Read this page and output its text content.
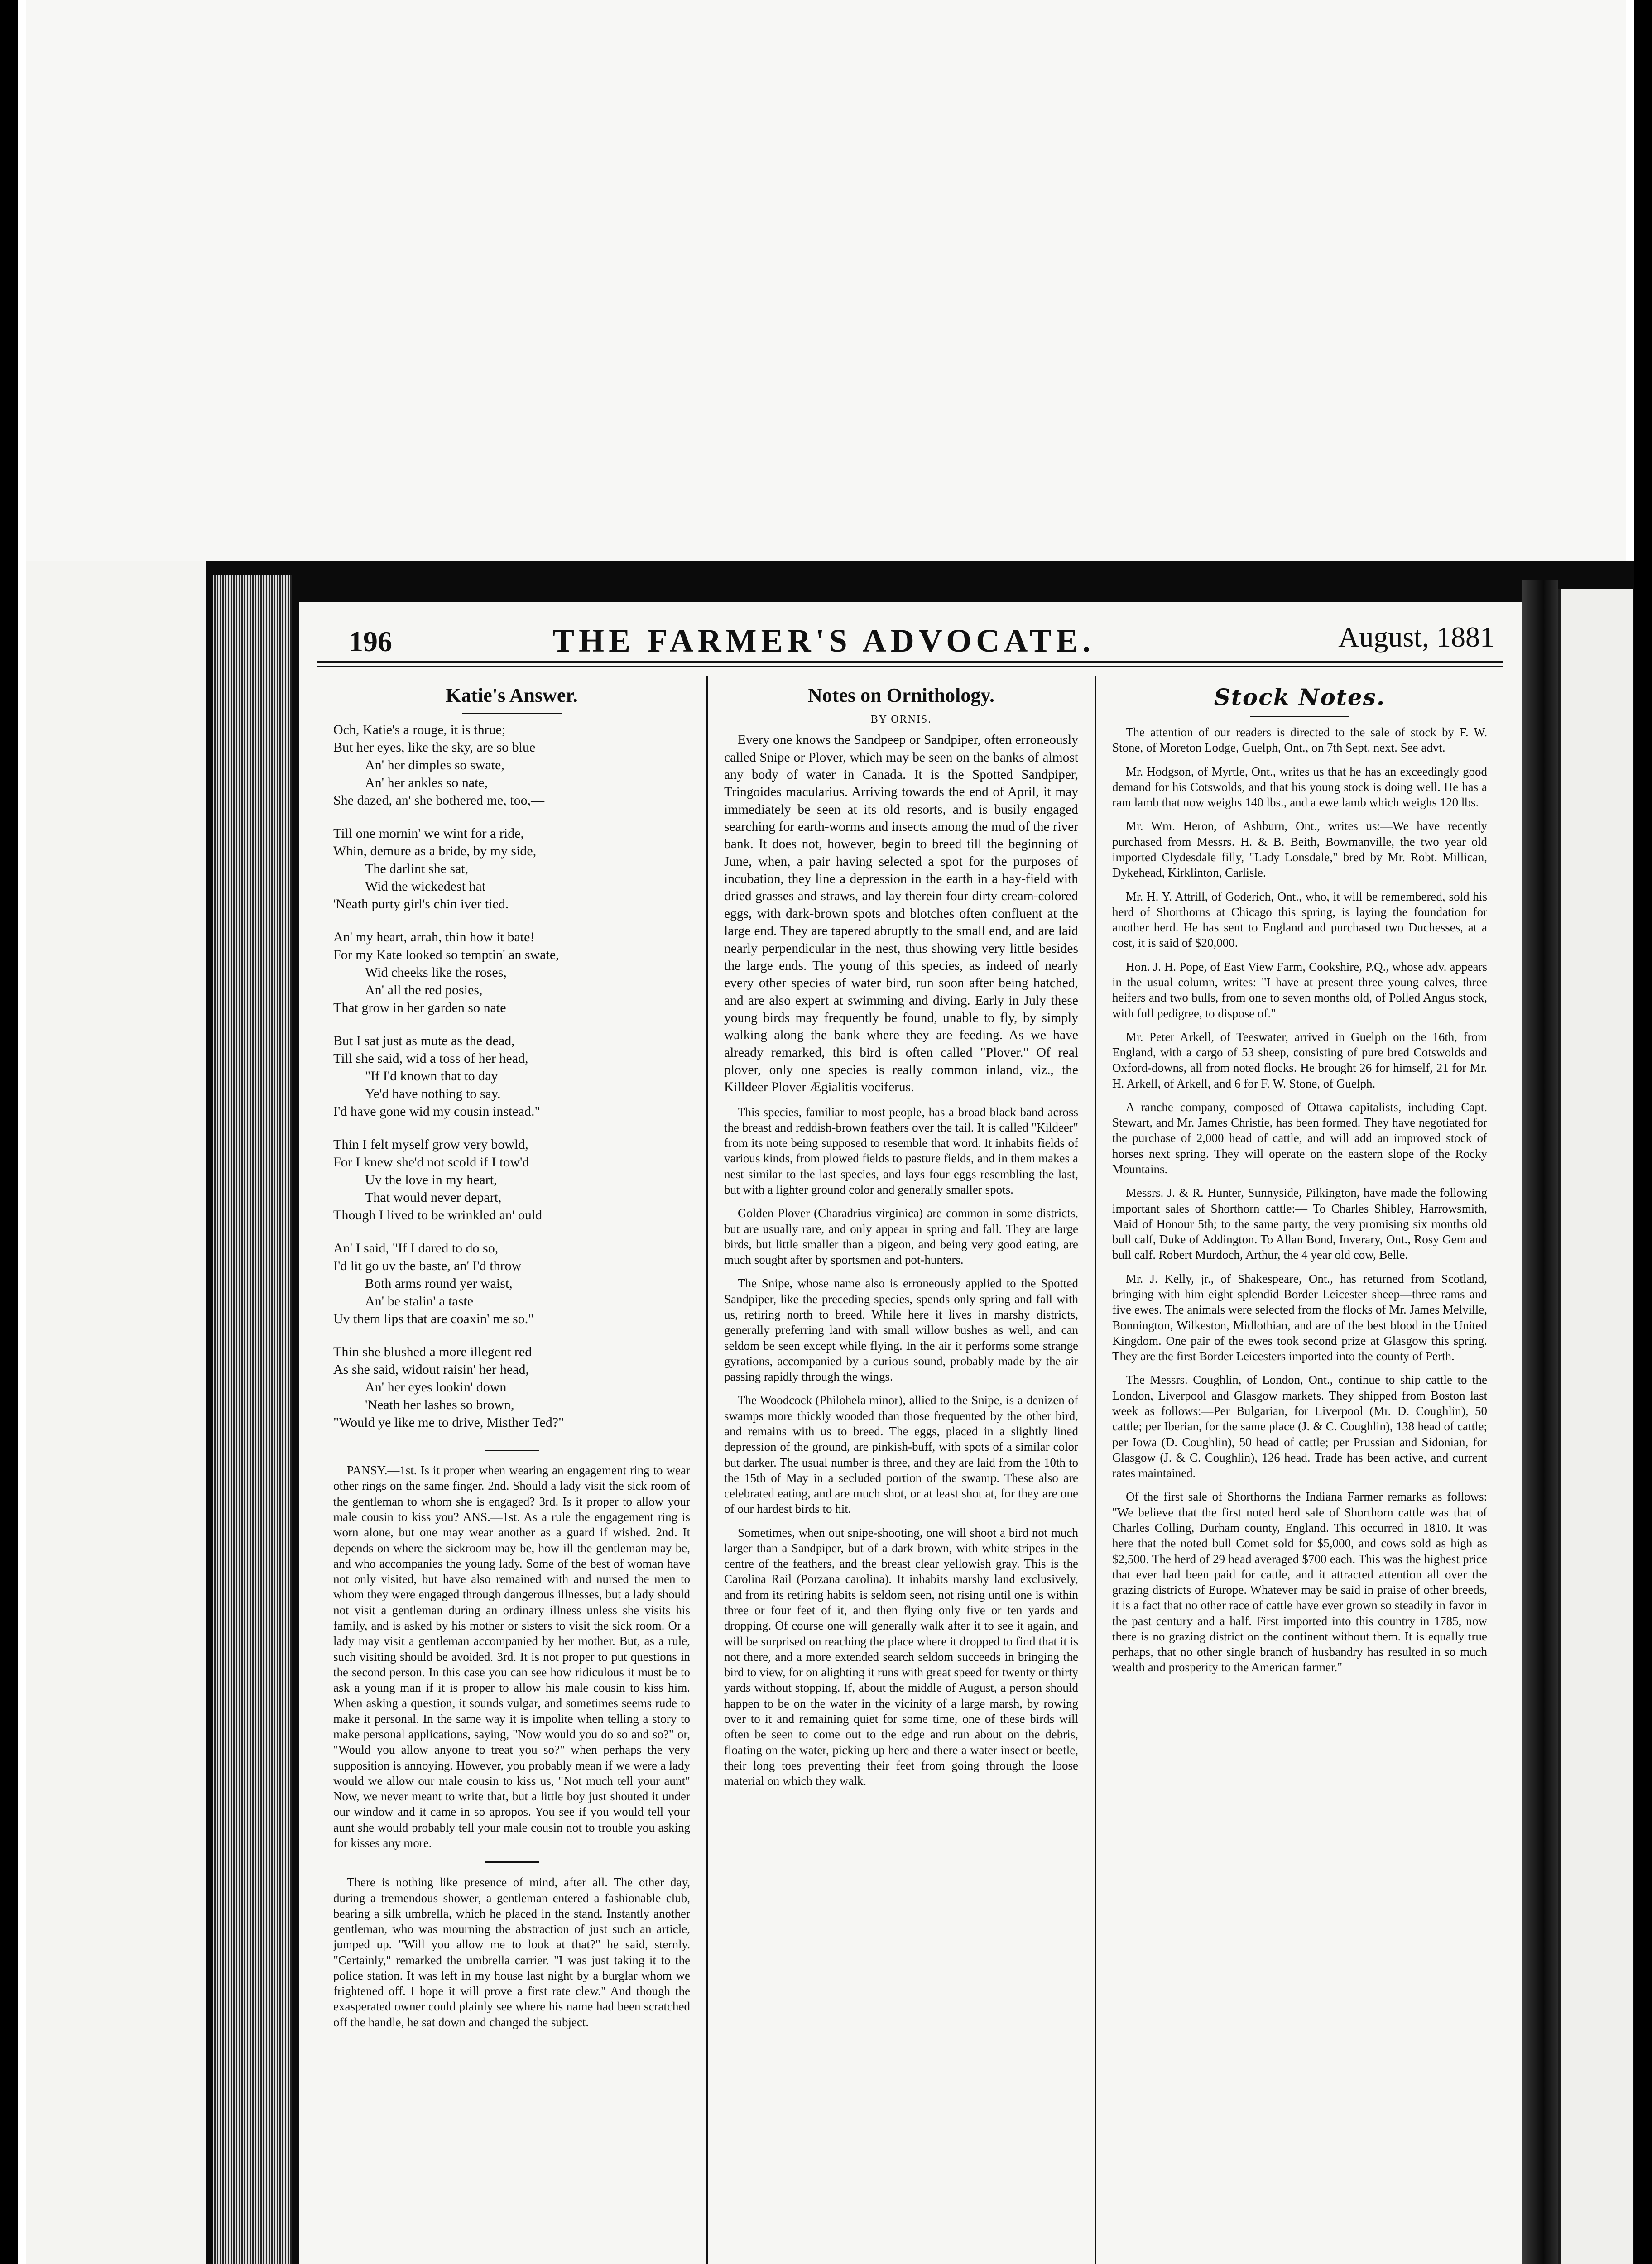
196	THE FARMER'S ADVOCATE.	August, 1881
Katie's Answer.
Och, Katie's a rouge, it is thrue;
But her eyes, like the sky, are so blue
An' her dimples so swate,
An' her ankles so nate,
She dazed, an' she bothered me, too,—
Till one mornin' we wint for a ride,
Whin, demure as a bride, by my side,
The darlint she sat,
Wid the wickedest hat
'Neath purty girl's chin iver tied.
An' my heart, arrah, thin how it bate!
For my Kate looked so temptin' an swate,
Wid cheeks like the roses,
An' all the red posies,
That grow in her garden so nate
But I sat just as mute as the dead,
Till she said, wid a toss of her head,
"If I'd known that to day
Ye'd have nothing to say.
I'd have gone wid my cousin instead."
Thin I felt myself grow very bowld,
For I knew she'd not scold if I tow'd
Uv the love in my heart,
That would never depart,
Though I lived to be wrinkled an' ould
An' I said, "If I dared to do so,
I'd lit go uv the baste, an' I'd throw
Both arms round yer waist,
An' be stalin' a taste
Uv them lips that are coaxin' me so."
Thin she blushed a more illegent red
As she said, widout raisin' her head,
An' her eyes lookin' down
'Neath her lashes so brown,
"Would ye like me to drive, Misther Ted?"

PANSY.—1st. Is it proper when wearing an engagement ring to wear other rings on the same finger. 2nd. Should a lady visit the sick room of the gentleman to whom she is engaged? 3rd. Is it proper to allow your male cousin to kiss you? ANS.—1st. As a rule the engagement ring is worn alone, but one may wear another as a guard if wished. 2nd. It depends on where the sickroom may be, how ill the gentleman may be, and who accompanies the young lady. Some of the best of woman have not only visited, but have also remained with and nursed the men to whom they were engaged through dangerous illnesses, but a lady should not visit a gentleman during an ordinary illness unless she visits his family, and is asked by his mother or sisters to visit the sick room. Or a lady may visit a gentleman accompanied by her mother. But, as a rule, such visiting should be avoided. 3rd. It is not proper to put questions in the second person. In this case you can see how ridiculous it must be to ask a young man if it is proper to allow his male cousin to kiss him. When asking a question, it sounds vulgar, and sometimes seems rude to make it personal. In the same way it is impolite when telling a story to make personal applications, saying, "Now would you do so and so?" or, "Would you allow anyone to treat you so?" when perhaps the very supposition is annoying. However, you probably mean if we were a lady would we allow our male cousin to kiss us, "Not much tell your aunt" Now, we never meant to write that, but a little boy just shouted it under our window and it came in so apropos. You see if you would tell your aunt she would probably tell your male cousin not to trouble you asking for kisses any more.

There is nothing like presence of mind, after all. The other day, during a tremendous shower, a gentleman entered a fashionable club, bearing a silk umbrella, which he placed in the stand. Instantly another gentleman, who was mourning the abstraction of just such an article, jumped up. "Will you allow me to look at that?" he said, sternly. "Certainly," remarked the umbrella carrier. "I was just taking it to the police station. It was left in my house last night by a burglar whom we frightened off. I hope it will prove a first rate clew." And though the exasperated owner could plainly see where his name had been scratched off the handle, he sat down and changed the subject.

Notes on Ornithology.
BY ORNIS.

Every one knows the Sandpeep or Sandpiper, often erroneously called Snipe or Plover, which may be seen on the banks of almost any body of water in Canada. It is the Spotted Sandpiper, Tringoides macularius. Arriving towards the end of April, it may immediately be seen at its old resorts, and is busily engaged searching for earth-worms and insects among the mud of the river bank. It does not, however, begin to breed till the beginning of June, when, a pair having selected a spot for the purposes of incubation, they line a depression in the earth in a hay-field with dried grasses and straws, and lay therein four dirty cream-colored eggs, with dark-brown spots and blotches often confluent at the large end. They are tapered abruptly to the small end, and are laid nearly perpendicular in the nest, thus showing very little besides the large ends. The young of this species, as indeed of nearly every other species of water bird, run soon after being hatched, and are also expert at swimming and diving. Early in July these young birds may frequently be found, unable to fly, by simply walking along the bank where they are feeding. As we have already remarked, this bird is often called "Plover." Of real plover, only one species is really common inland, viz., the Killdeer Plover Ægialitis vociferus.

This species, familiar to most people, has a broad black band across the breast and reddish-brown feathers over the tail. It is called "Kildeer" from its note being supposed to resemble that word. It inhabits fields of various kinds, from plowed fields to pasture fields, and in them makes a nest similar to the last species, and lays four eggs resembling the last, but with a lighter ground color and generally smaller spots.

Golden Plover (Charadrius virginica) are common in some districts, but are usually rare, and only appear in spring and fall. They are large birds, but little smaller than a pigeon, and being very good eating, are much sought after by sportsmen and pot-hunters.

The Snipe, whose name also is erroneously applied to the Spotted Sandpiper, like the preceding species, spends only spring and fall with us, retiring north to breed. While here it lives in marshy districts, generally preferring land with small willow bushes as well, and can seldom be seen except while flying. In the air it performs some strange gyrations, accompanied by a curious sound, probably made by the air passing rapidly through the wings.

The Woodcock (Philohela minor), allied to the Snipe, is a denizen of swamps more thickly wooded than those frequented by the other bird, and remains with us to breed. The eggs, placed in a slightly lined depression of the ground, are pinkish-buff, with spots of a similar color but darker. The usual number is three, and they are laid from the 10th to the 15th of May in a secluded portion of the swamp. These also are celebrated eating, and are much shot, or at least shot at, for they are one of our hardest birds to hit.

Sometimes, when out snipe-shooting, one will shoot a bird not much larger than a Sandpiper, but of a dark brown, with white stripes in the centre of the feathers, and the breast clear yellowish gray. This is the Carolina Rail (Porzana carolina). It inhabits marshy land exclusively, and from its retiring habits is seldom seen, not rising until one is within three or four feet of it, and then flying only five or ten yards and dropping. Of course one will generally walk after it to see it again, and will be surprised on reaching the place where it dropped to find that it is not there, and a more extended search seldom succeeds in bringing the bird to view, for on alighting it runs with great speed for twenty or thirty yards without stopping. If, about the middle of August, a person should happen to be on the water in the vicinity of a large marsh, by rowing over to it and remaining quiet for some time, one of these birds will often be seen to come out to the edge and run about on the debris, floating on the water, picking up here and there a water insect or beetle, their long toes preventing their feet from going through the loose material on which they walk.

Stock Notes.

The attention of our readers is directed to the sale of stock by F. W. Stone, of Moreton Lodge, Guelph, Ont., on 7th Sept. next. See advt.

Mr. Hodgson, of Myrtle, Ont., writes us that he has an exceedingly good demand for his Cotswolds, and that his young stock is doing well. He has a ram lamb that now weighs 140 lbs., and a ewe lamb which weighs 120 lbs.

Mr. Wm. Heron, of Ashburn, Ont., writes us:—We have recently purchased from Messrs. H. & B. Beith, Bowmanville, the two year old imported Clydesdale filly, "Lady Lonsdale," bred by Mr. Robt. Millican, Dykehead, Kirklinton, Carlisle.

Mr. H. Y. Attrill, of Goderich, Ont., who, it will be remembered, sold his herd of Shorthorns at Chicago this spring, is laying the foundation for another herd. He has sent to England and purchased two Duchesses, at a cost, it is said of $20,000.

Hon. J. H. Pope, of East View Farm, Cookshire, P.Q., whose adv. appears in the usual column, writes: "I have at present three young calves, three heifers and two bulls, from one to seven months old, of Polled Angus stock, with full pedigree, to dispose of."

Mr. Peter Arkell, of Teeswater, arrived in Guelph on the 16th, from England, with a cargo of 53 sheep, consisting of pure bred Cotswolds and Oxford-downs, all from noted flocks. He brought 26 for himself, 21 for Mr. H. Arkell, of Arkell, and 6 for F. W. Stone, of Guelph.

A ranche company, composed of Ottawa capitalists, including Capt. Stewart, and Mr. James Christie, has been formed. They have negotiated for the purchase of 2,000 head of cattle, and will add an improved stock of horses next spring. They will operate on the eastern slope of the Rocky Mountains.

Messrs. J. & R. Hunter, Sunnyside, Pilkington, have made the following important sales of Shorthorn cattle:— To Charles Shibley, Harrowsmith, Maid of Honour 5th; to the same party, the very promising six months old bull calf, Duke of Addington. To Allan Bond, Inverary, Ont., Rosy Gem and bull calf. Robert Murdoch, Arthur, the 4 year old cow, Belle.

Mr. J. Kelly, jr., of Shakespeare, Ont., has returned from Scotland, bringing with him eight splendid Border Leicester sheep—three rams and five ewes. The animals were selected from the flocks of Mr. James Melville, Bonnington, Wilkeston, Midlothian, and are of the best blood in the United Kingdom. One pair of the ewes took second prize at Glasgow this spring. They are the first Border Leicesters imported into the county of Perth.

The Messrs. Coughlin, of London, Ont., continue to ship cattle to the London, Liverpool and Glasgow markets. They shipped from Boston last week as follows:—Per Bulgarian, for Liverpool (Mr. D. Coughlin), 50 cattle; per Iberian, for the same place (J. & C. Coughlin), 138 head of cattle; per Iowa (D. Coughlin), 50 head of cattle; per Prussian and Sidonian, for Glasgow (J. & C. Coughlin), 126 head. Trade has been active, and current rates maintained.

Of the first sale of Shorthorns the Indiana Farmer remarks as follows: "We believe that the first noted herd sale of Shorthorn cattle was that of Charles Colling, Durham county, England. This occurred in 1810. It was here that the noted bull Comet sold for $5,000, and cows sold as high as $2,500. The herd of 29 head averaged $700 each. This was the highest price that ever had been paid for cattle, and it attracted attention all over the grazing districts of Europe. Whatever may be said in praise of other breeds, it is a fact that no other race of cattle have ever grown so steadily in favor in the past century and a half. First imported into this country in 1785, now there is no grazing district on the continent without them. It is equally true perhaps, that no other single branch of husbandry has resulted in so much wealth and prosperity to the American farmer."
